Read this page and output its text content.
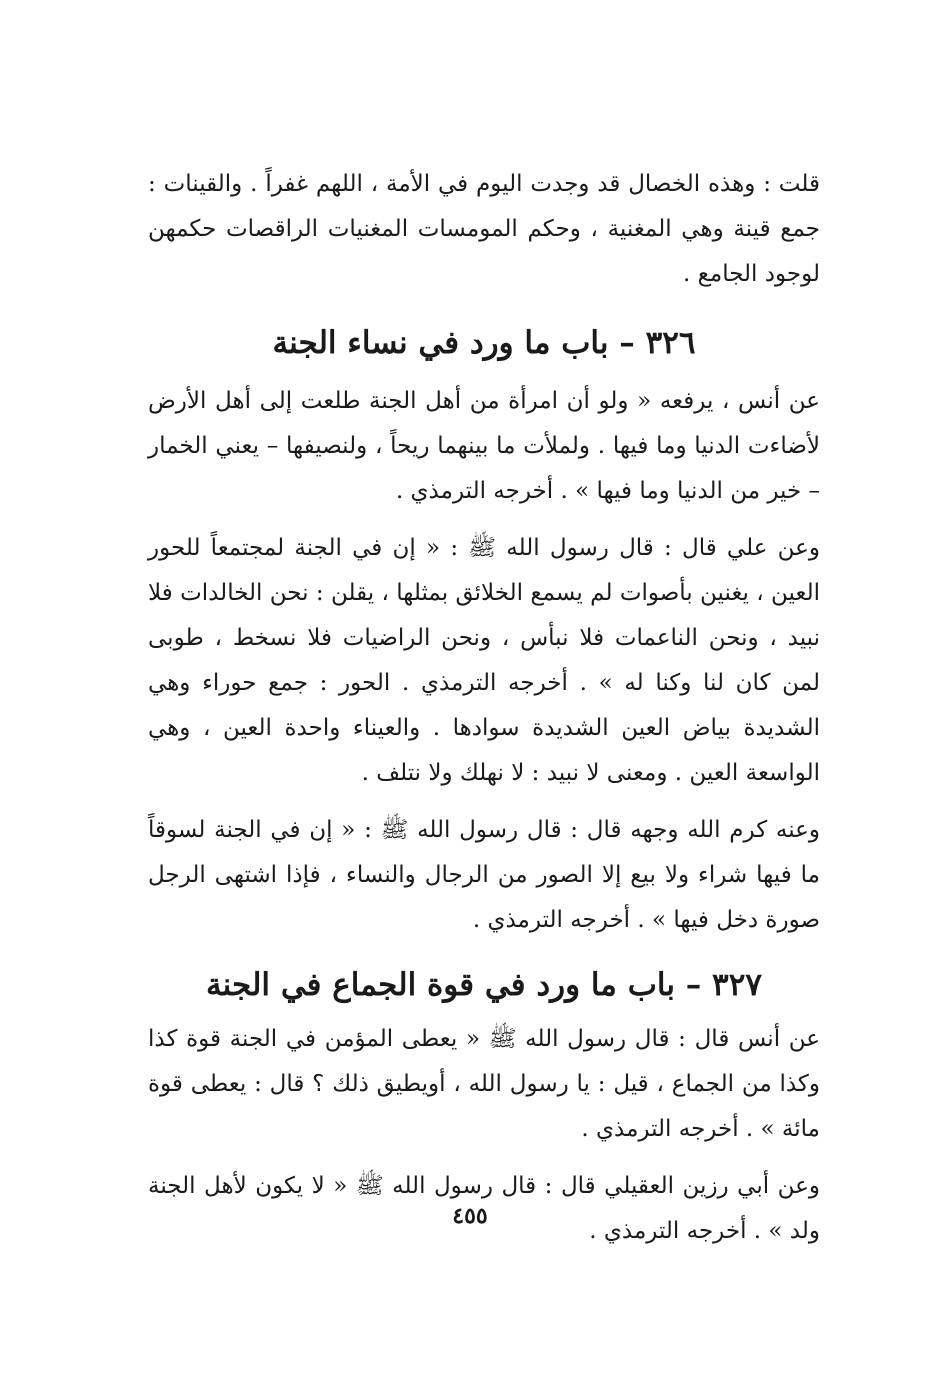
قلت : وهذه الخصال قد وجدت اليوم في الأمة ، اللهم غفراً . والقينات : جمع قينة وهي المغنية ، وحكم المومسات المغنيات الراقصات حكمهن لوجود الجامع .

٣٢٦ – باب ما ورد في نساء الجنة

عن أنس ، يرفعه « ولو أن امرأة من أهل الجنة طلعت إلى أهل الأرض لأضاءت الدنيا وما فيها . ولملأت ما بينهما ريحاً ، ولنصيفها – يعني الخمار – خير من الدنيا وما فيها » . أخرجه الترمذي .

وعن علي قال : قال رسول الله ﷺ : « إن في الجنة لمجتمعاً للحور العين ، يغنين بأصوات لم يسمع الخلائق بمثلها ، يقلن : نحن الخالدات فلا نبيد ، ونحن الناعمات فلا نبأس ، ونحن الراضيات فلا نسخط ، طوبى لمن كان لنا وكنا له » . أخرجه الترمذي . الحور : جمع حوراء وهي الشديدة بياض العين الشديدة سوادها . والعيناء واحدة العين ، وهي الواسعة العين . ومعنى لا نبيد : لا نهلك ولا نتلف .

وعنه كرم الله وجهه قال : قال رسول الله ﷺ : « إن في الجنة لسوقاً ما فيها شراء ولا بيع إلا الصور من الرجال والنساء ، فإذا اشتهى الرجل صورة دخل فيها » . أخرجه الترمذي .

٣٢٧ – باب ما ورد في قوة الجماع في الجنة

عن أنس قال : قال رسول الله ﷺ « يعطى المؤمن في الجنة قوة كذا وكذا من الجماع ، قيل : يا رسول الله ، أويطيق ذلك ؟ قال : يعطى قوة مائة » . أخرجه الترمذي .

وعن أبي رزين العقيلي قال : قال رسول الله ﷺ « لا يكون لأهل الجنة ولد » . أخرجه الترمذي .

٤٥٥
